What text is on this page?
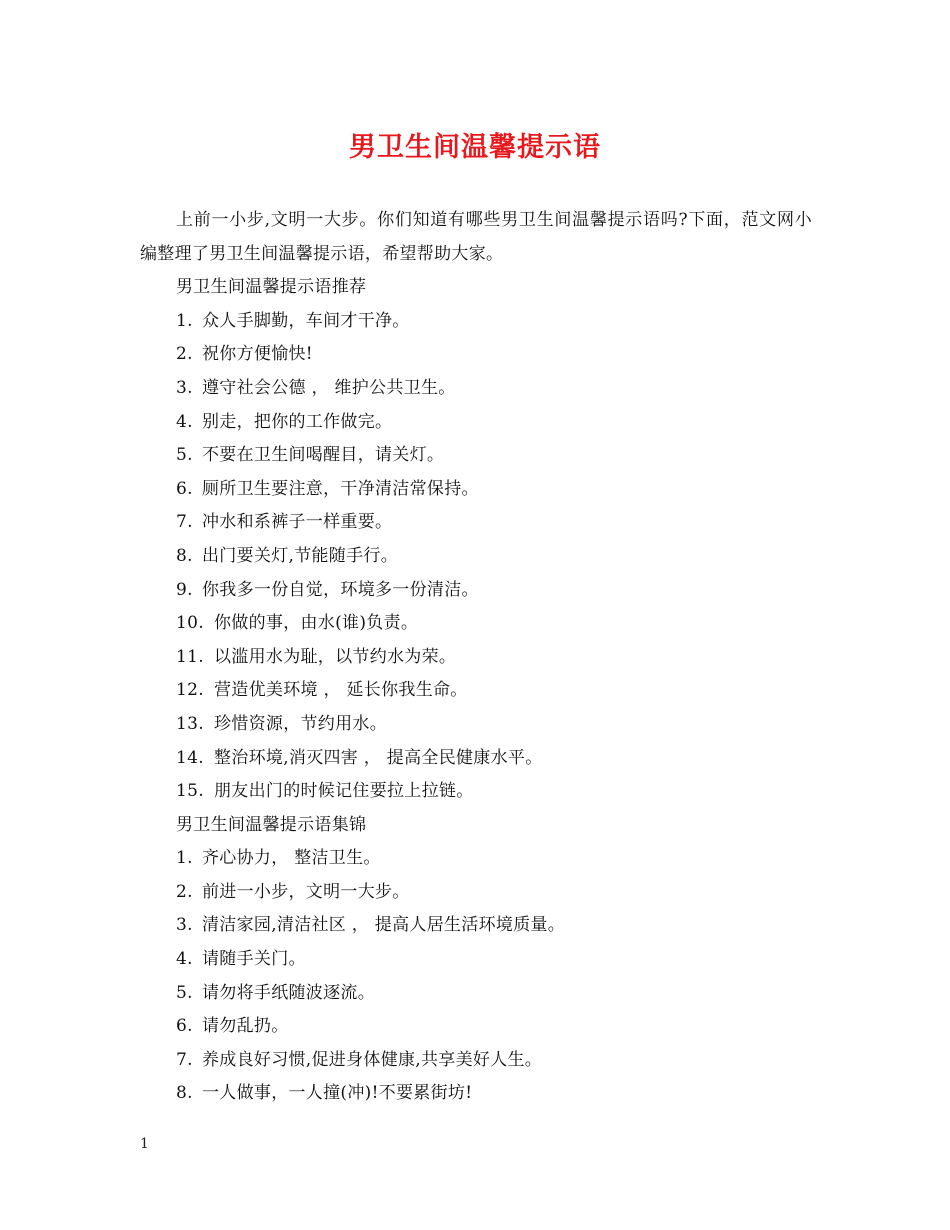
男卫生间温馨提示语

上前一小步,文明一大步。你们知道有哪些男卫生间温馨提示语吗?下面，范文网小编整理了男卫生间温馨提示语，希望帮助大家。

男卫生间温馨提示语推荐

1. 众人手脚勤，车间才干净。

2. 祝你方便愉快!

3. 遵守社会公德 ， 维护公共卫生。

4. 别走，把你的工作做完。

5. 不要在卫生间喝醒目，请关灯。

6. 厕所卫生要注意，干净清洁常保持。

7. 冲水和系裤子一样重要。

8. 出门要关灯,节能随手行。

9. 你我多一份自觉，环境多一份清洁。

10. 你做的事，由水(谁)负责。

11. 以滥用水为耻，以节约水为荣。

12. 营造优美环境 ， 延长你我生命。

13. 珍惜资源，节约用水。

14. 整治环境,消灭四害 ， 提高全民健康水平。

15. 朋友出门的时候记住要拉上拉链。

男卫生间温馨提示语集锦

1. 齐心协力， 整洁卫生。

2. 前进一小步，文明一大步。

3. 清洁家园,清洁社区 ， 提高人居生活环境质量。

4. 请随手关门。

5. 请勿将手纸随波逐流。

6. 请勿乱扔。

7. 养成良好习惯,促进身体健康,共享美好人生。

8. 一人做事，一人撞(冲)!不要累街坊!

1
